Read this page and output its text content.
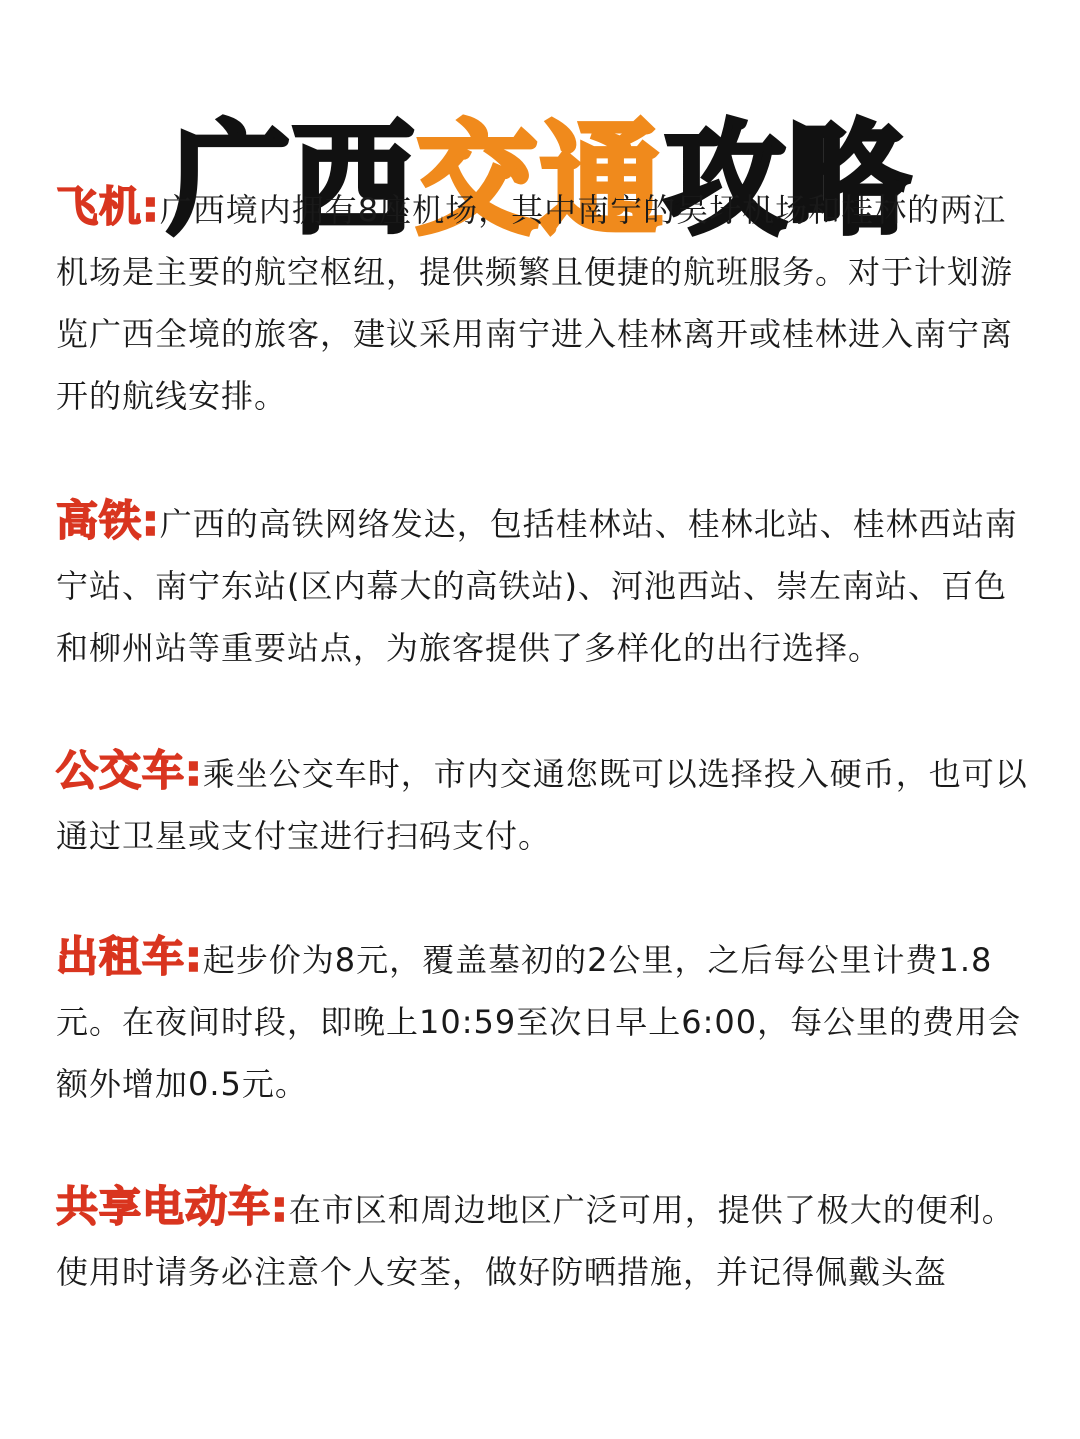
广西交通攻略
飞机:广西境内拥有8座机场，其中南宁的吴圩机场和桂林的两江机场是主要的航空枢纽，提供频繁且便捷的航班服务。对于计划游览广西全境的旅客，建议采用南宁进入桂林离开或桂林进入南宁离开的航线安排。
高铁:广西的高铁网络发达，包括桂林站、桂林北站、桂林西站南宁站、南宁东站(区内幕大的高铁站)、河池西站、崇左南站、百色和柳州站等重要站点，为旅客提供了多样化的出行选择。
公交车:乘坐公交车时，市内交通您既可以选择投入硬币，也可以通过卫星或支付宝进行扫码支付。
出租车:起步价为8元，覆盖墓初的2公里，之后每公里计费1.8元。在夜间时段，即晚上10:59至次日早上6:00，每公里的费用会额外增加0.5元。
共享电动车:在市区和周边地区广泛可用，提供了极大的便利。使用时请务必注意个人安荃，做好防晒措施，并记得佩戴头盔
